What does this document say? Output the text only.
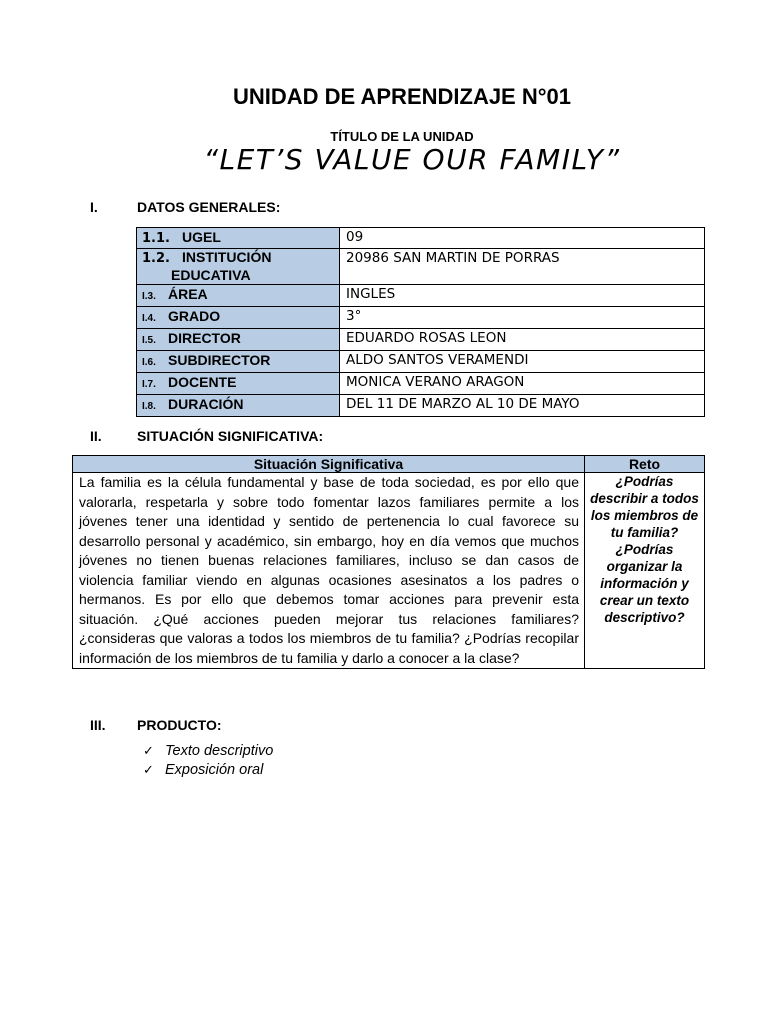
UNIDAD DE APRENDIZAJE N°01
TÍTULO DE LA UNIDAD
“LET’S VALUE OUR FAMILY”
I.	DATOS GENERALES:
1.1. UGEL	09
1.2. INSTITUCIÓN
EDUCATIVA	20986 SAN MARTIN DE PORRAS
I.3. ÁREA	INGLES
I.4. GRADO	3°
I.5. DIRECTOR	EDUARDO ROSAS LEON
I.6. SUBDIRECTOR	ALDO SANTOS VERAMENDI
I.7. DOCENTE	MONICA VERANO ARAGON
I.8. DURACIÓN	DEL 11 DE MARZO AL 10 DE MAYO
II.	SITUACIÓN SIGNIFICATIVA:
Situación Significativa	Reto
La familia es la célula fundamental y base de toda sociedad, es por ello que valorarla, respetarla y sobre todo fomentar lazos familiares permite a los jóvenes tener una identidad y sentido de pertenencia lo cual favorece su desarrollo personal y académico, sin embargo, hoy en día vemos que muchos jóvenes no tienen buenas relaciones familiares, incluso se dan casos de violencia familiar viendo en algunas ocasiones asesinatos a los padres o hermanos. Es por ello que debemos tomar acciones para prevenir esta situación. ¿Qué acciones pueden mejorar tus relaciones familiares? ¿consideras que valoras a todos los miembros de tu familia? ¿Podrías recopilar información de los miembros de tu familia y darlo a conocer a la clase?	¿Podrías describir a todos los miembros de tu familia? ¿Podrías organizar la información y crear un texto descriptivo?
III. PRODUCTO:
✓ Texto descriptivo
✓ Exposición oral
